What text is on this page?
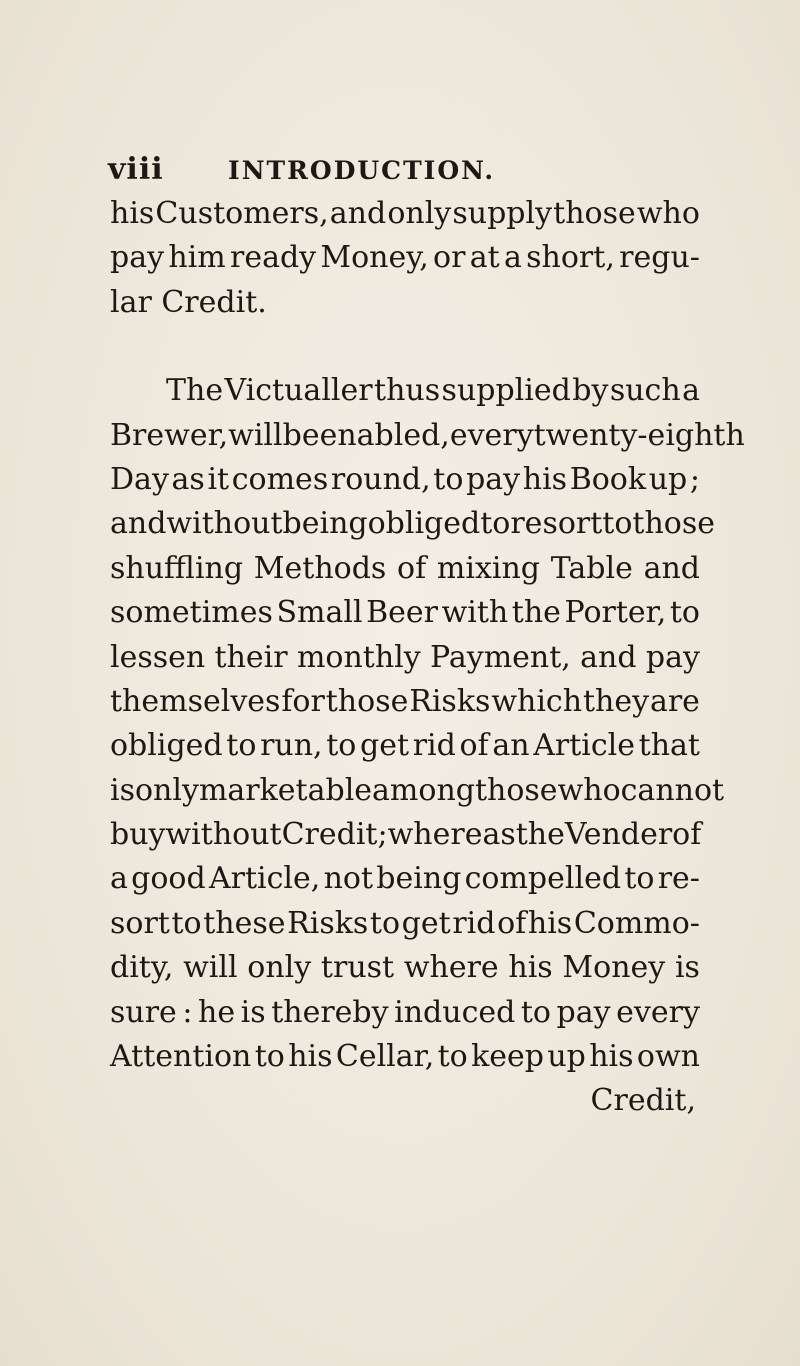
viii	INTRODUCTION.
his Customers, and only supply those who
pay him ready Money, or at a short, regu-
lar Credit.
The Victualler thus supplied by such a
Brewer, will be enabled, every twenty-eighth
Day as it comes round, to pay his Book up ;
and without being obliged to resort to those
shuffling Methods of mixing Table and
sometimes Small Beer with the Porter, to
lessen their monthly Payment, and pay
themselves for those Risks which they are
obliged to run, to get rid of an Article that
is only marketable among those who cannot
buy without Credit ; whereas the Vender of
a good Article, not being compelled to re-
sort to these Risks to get rid of his Commo-
dity, will only trust where his Money is
sure : he is thereby induced to pay every
Attention to his Cellar, to keep up his own
Credit,
